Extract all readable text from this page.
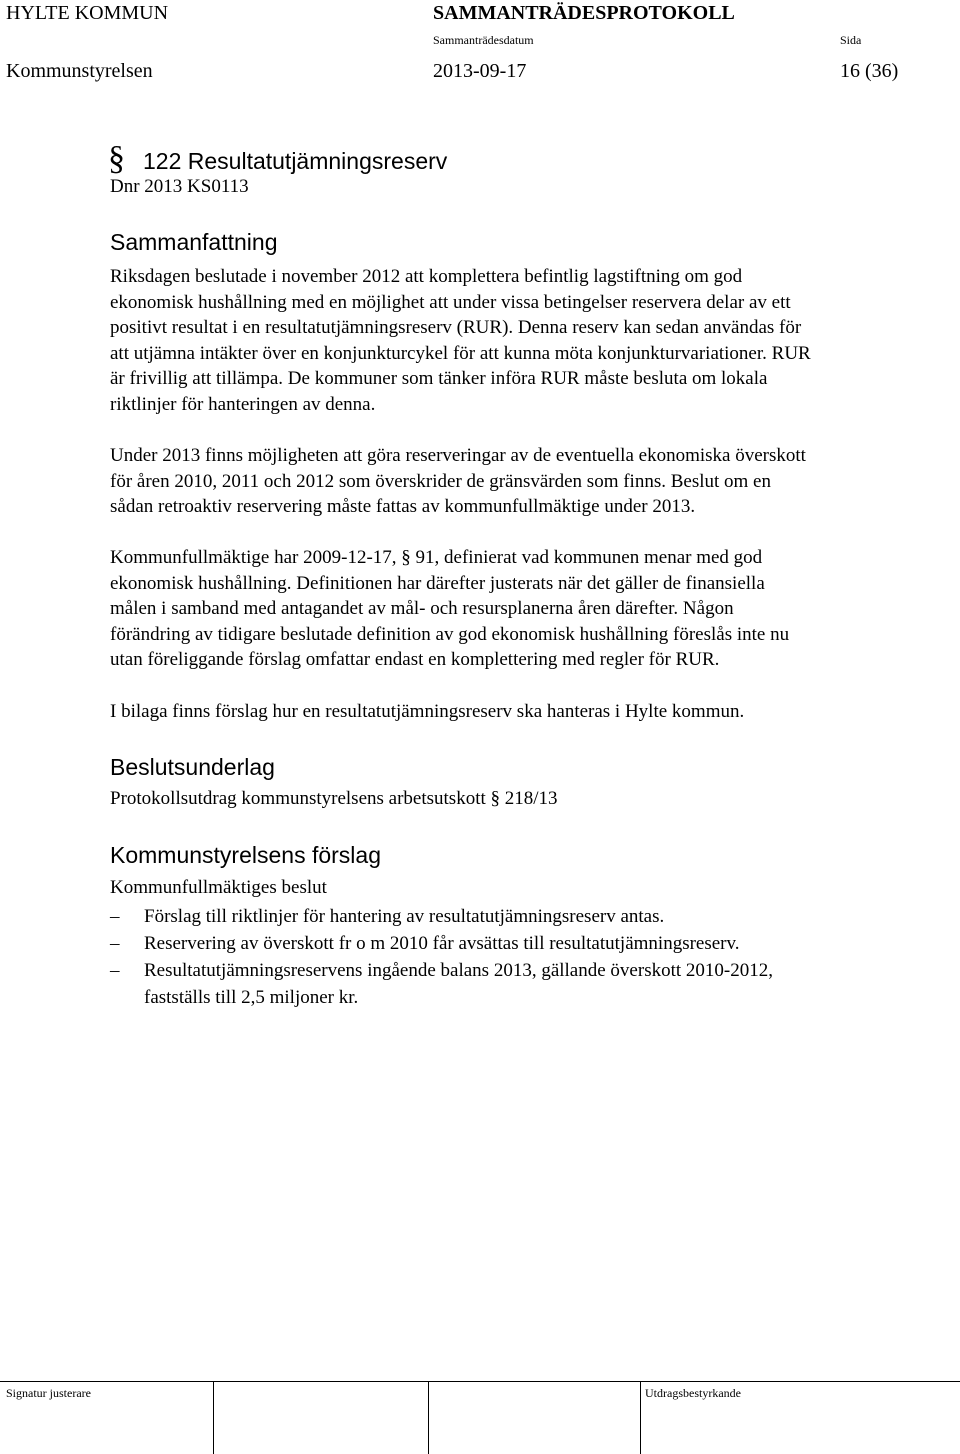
HYLTE KOMMUN	SAMMANTRÄDESPROTOKOLL
Sammanträdesdatum	Sida
Kommunstyrelsen	2013-09-17	16 (36)
§ 122 Resultatutjämningsreserv
Dnr 2013 KS0113
Sammanfattning
Riksdagen beslutade i november 2012 att komplettera befintlig lagstiftning om god
ekonomisk hushållning med en möjlighet att under vissa betingelser reservera delar av ett
positivt resultat i en resultatutjämningsreserv (RUR). Denna reserv kan sedan användas för
att utjämna intäkter över en konjunkturcykel för att kunna möta konjunkturvariationer. RUR
är frivillig att tillämpa. De kommuner som tänker införa RUR måste besluta om lokala
riktlinjer för hanteringen av denna.
Under 2013 finns möjligheten att göra reserveringar av de eventuella ekonomiska överskott
för åren 2010, 2011 och 2012 som överskrider de gränsvärden som finns. Beslut om en
sådan retroaktiv reservering måste fattas av kommunfullmäktige under 2013.
Kommunfullmäktige har 2009-12-17, § 91, definierat vad kommunen menar med god
ekonomisk hushållning. Definitionen har därefter justerats när det gäller de finansiella
målen i samband med antagandet av mål- och resursplanerna åren därefter. Någon
förändring av tidigare beslutade definition av god ekonomisk hushållning föreslås inte nu
utan föreliggande förslag omfattar endast en komplettering med regler för RUR.
I bilaga finns förslag hur en resultatutjämningsreserv ska hanteras i Hylte kommun.
Beslutsunderlag
Protokollsutdrag kommunstyrelsens arbetsutskott § 218/13
Kommunstyrelsens förslag
Kommunfullmäktiges beslut
– Förslag till riktlinjer för hantering av resultatutjämningsreserv antas.
– Reservering av överskott fr o m 2010 får avsättas till resultatutjämningsreserv.
– Resultatutjämningsreservens ingående balans 2013, gällande överskott 2010-2012,
fastställs till 2,5 miljoner kr.
Signatur justerare	Utdragsbestyrkande
